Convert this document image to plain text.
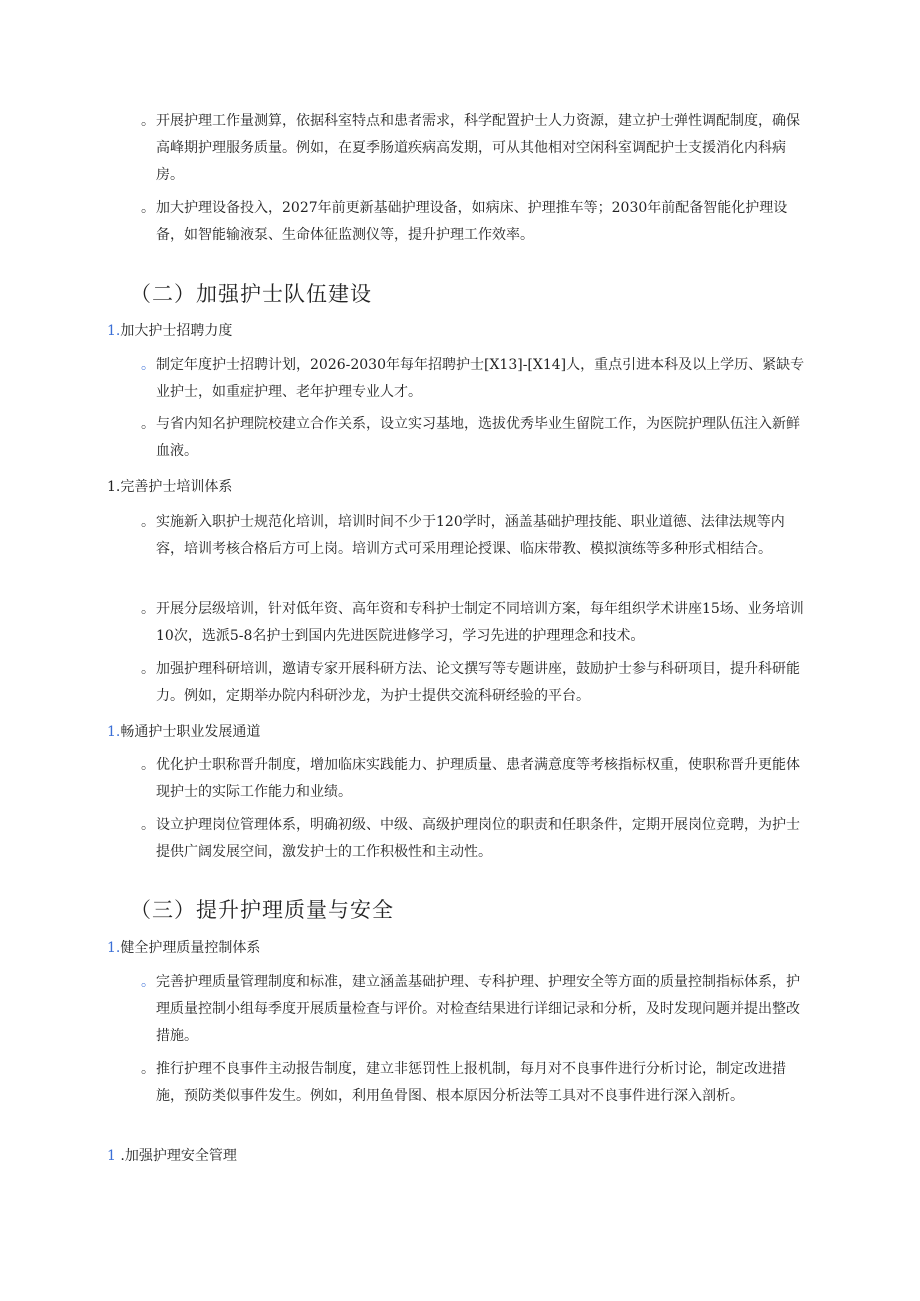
。 开展护理工作量测算，依据科室特点和患者需求，科学配置护士人力资源，建立护士弹性调配制度，确保高峰期护理服务质量。例如，在夏季肠道疾病高发期，可从其他相对空闲科室调配护士支援消化内科病房。
。 加大护理设备投入，2027年前更新基础护理设备，如病床、护理推车等；2030年前配备智能化护理设备，如智能输液泵、生命体征监测仪等，提升护理工作效率。
（二）加强护士队伍建设
1.加大护士招聘力度
。 制定年度护士招聘计划，2026-2030年每年招聘护士[X13]-[X14]人，重点引进本科及以上学历、紧缺专业护士，如重症护理、老年护理专业人才。
。 与省内知名护理院校建立合作关系，设立实习基地，选拔优秀毕业生留院工作，为医院护理队伍注入新鲜血液。
1.完善护士培训体系
。 实施新入职护士规范化培训，培训时间不少于120学时，涵盖基础护理技能、职业道德、法律法规等内容，培训考核合格后方可上岗。培训方式可采用理论授课、临床带教、模拟演练等多种形式相结合。
。 开展分层级培训，针对低年资、高年资和专科护士制定不同培训方案，每年组织学术讲座15场、业务培训10次，选派5-8名护士到国内先进医院进修学习，学习先进的护理理念和技术。
。 加强护理科研培训，邀请专家开展科研方法、论文撰写等专题讲座，鼓励护士参与科研项目，提升科研能力。例如，定期举办院内科研沙龙，为护士提供交流科研经验的平台。
1.畅通护士职业发展通道
。 优化护士职称晋升制度，增加临床实践能力、护理质量、患者满意度等考核指标权重，使职称晋升更能体现护士的实际工作能力和业绩。
。 设立护理岗位管理体系，明确初级、中级、高级护理岗位的职责和任职条件，定期开展岗位竞聘，为护士提供广阔发展空间，激发护士的工作积极性和主动性。
（三）提升护理质量与安全
1.健全护理质量控制体系
。 完善护理质量管理制度和标准，建立涵盖基础护理、专科护理、护理安全等方面的质量控制指标体系，护理质量控制小组每季度开展质量检查与评价。对检查结果进行详细记录和分析，及时发现问题并提出整改措施。
。 推行护理不良事件主动报告制度，建立非惩罚性上报机制，每月对不良事件进行分析讨论，制定改进措施，预防类似事件发生。例如，利用鱼骨图、根本原因分析法等工具对不良事件进行深入剖析。
1 .加强护理安全管理
